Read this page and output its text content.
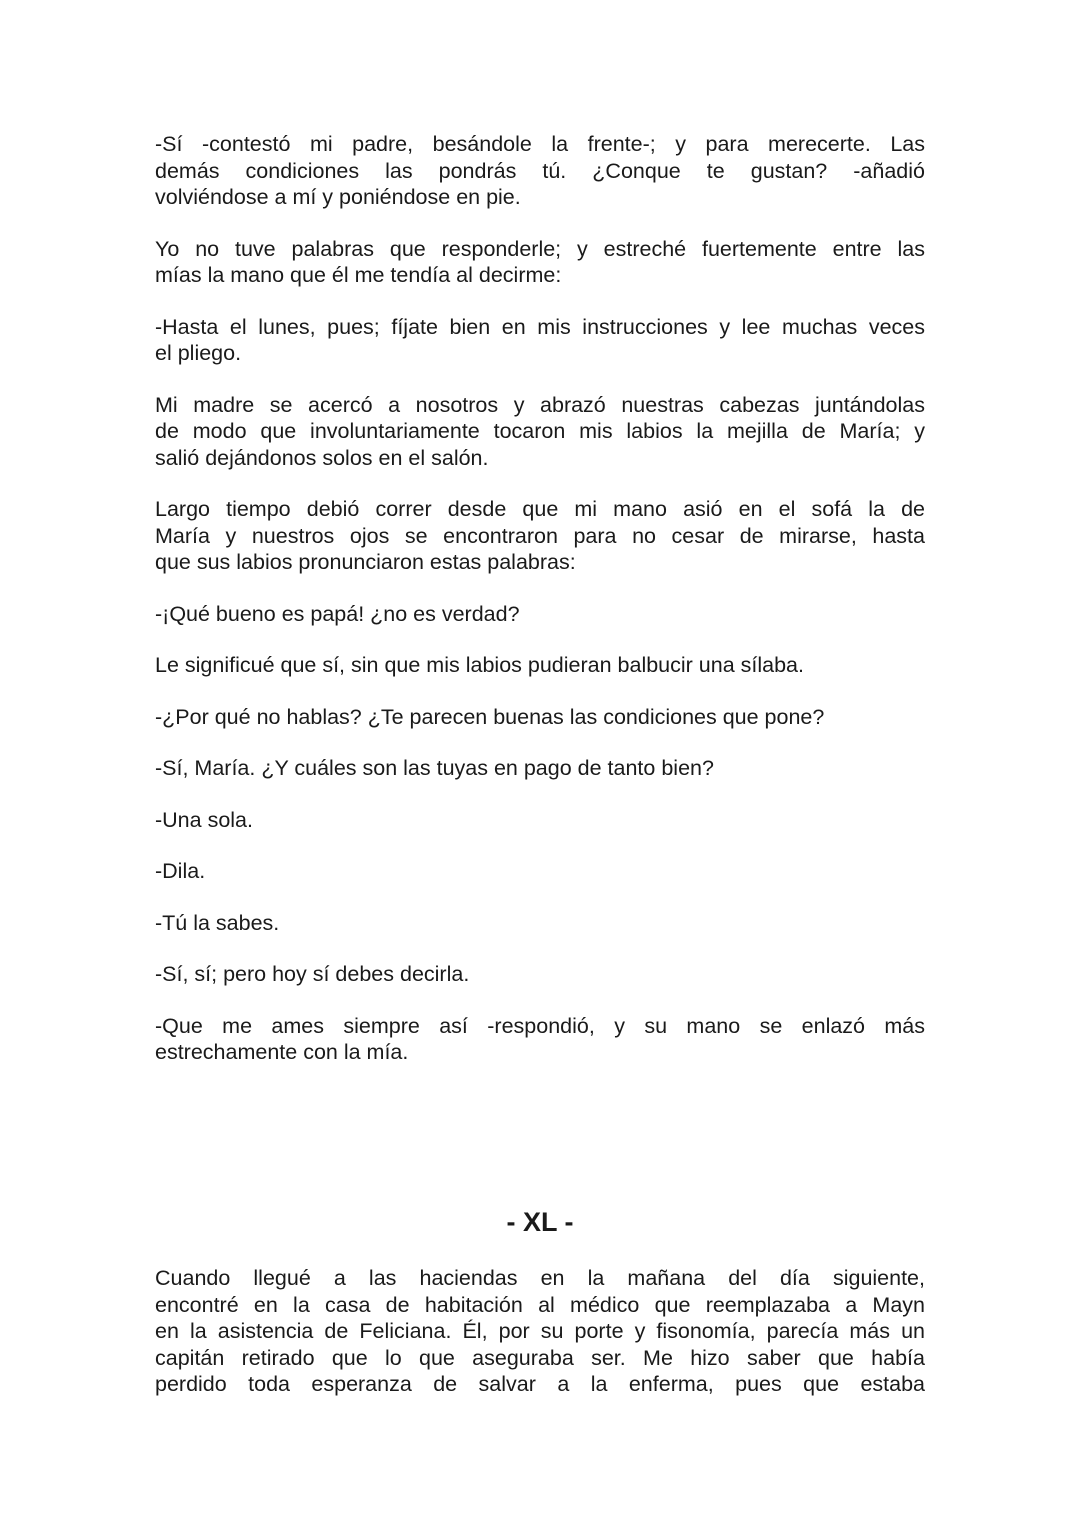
-Sí -contestó mi padre, besándole la frente-; y para merecerte. Las
demás condiciones las pondrás tú. ¿Conque te gustan? -añadió
volviéndose a mí y poniéndose en pie.
Yo no tuve palabras que responderle; y estreché fuertemente entre las
mías la mano que él me tendía al decirme:
-Hasta el lunes, pues; fíjate bien en mis instrucciones y lee muchas veces
el pliego.
Mi madre se acercó a nosotros y abrazó nuestras cabezas juntándolas
de modo que involuntariamente tocaron mis labios la mejilla de María; y
salió dejándonos solos en el salón.
Largo tiempo debió correr desde que mi mano asió en el sofá la de
María y nuestros ojos se encontraron para no cesar de mirarse, hasta
que sus labios pronunciaron estas palabras:
-¡Qué bueno es papá! ¿no es verdad?
Le significué que sí, sin que mis labios pudieran balbucir una sílaba.
-¿Por qué no hablas? ¿Te parecen buenas las condiciones que pone?
-Sí, María. ¿Y cuáles son las tuyas en pago de tanto bien?
-Una sola.
-Dila.
-Tú la sabes.
-Sí, sí; pero hoy sí debes decirla.
-Que me ames siempre así -respondió, y su mano se enlazó más
estrechamente con la mía.
- XL -
Cuando llegué a las haciendas en la mañana del día siguiente,
encontré en la casa de habitación al médico que reemplazaba a Mayn
en la asistencia de Feliciana. Él, por su porte y fisonomía, parecía más un
capitán retirado que lo que aseguraba ser. Me hizo saber que había
perdido toda esperanza de salvar a la enferma, pues que estaba
